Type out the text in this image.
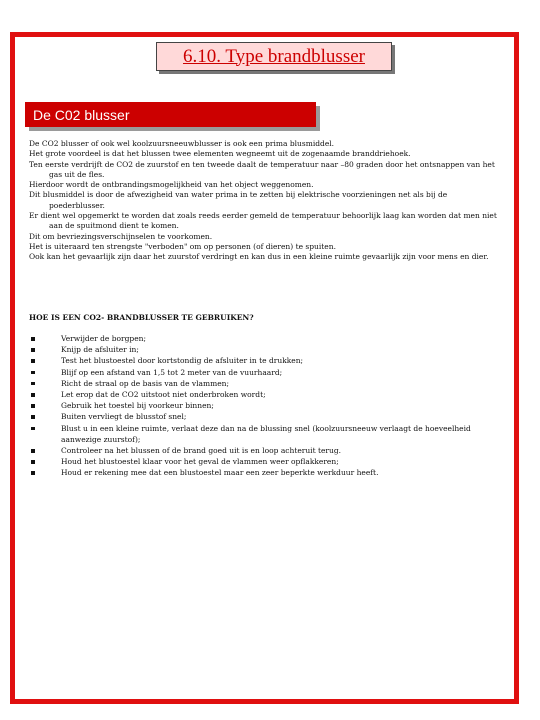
6.10. Type brandblusser
De C02 blusser

De CO2 blusser of ook wel koolzuursneeuwblusser is ook een prima blusmiddel.

Het grote voordeel is dat het blussen twee elementen wegneemt uit de zogenaamde branddriehoek.

Ten eerste verdrijft de CO2 de zuurstof en ten tweede daalt de temperatuur naar –80 graden door het ontsnappen van het gas uit de fles.

Hierdoor wordt de ontbrandingsmogelijkheid van het object weggenomen.

Dit blusmiddel is door de afwezigheid van water prima in te zetten bij elektrische voorzieningen net als bij de poederblusser.

Er dient wel opgemerkt te worden dat zoals reeds eerder gemeld de temperatuur behoorlijk laag kan worden dat men niet aan de spuitmond dient te komen.

Dit om bevriezingsverschijnselen te voorkomen.

Het is uiteraard ten strengste "verboden" om op personen (of dieren) te spuiten.

Ook kan het gevaarlijk zijn daar het zuurstof verdringt en kan dus in een kleine ruimte gevaarlijk zijn voor mens en dier.

HOE IS EEN CO2- BRANDBLUSSER TE GEBRUIKEN?
Verwijder de borgpen;
Knijp de afsluiter in;
Test het blustoestel door kortstondig de afsluiter in te drukken;
Blijf op een afstand van 1,5 tot 2 meter van de vuurhaard;
Richt de straal op de basis van de vlammen;
Let erop dat de CO2 uitstoot niet onderbroken wordt;
Gebruik het toestel bij voorkeur binnen;
Buiten vervliegt de blusstof snel;
Blust u in een kleine ruimte, verlaat deze dan na de blussing snel (koolzuursneeuw verlaagt de hoeveelheid aanwezige zuurstof);
Controleer na het blussen of de brand goed uit is en loop achteruit terug.
Houd het blustoestel klaar voor het geval de vlammen weer opflakkeren;
Houd er rekening mee dat een blustoestel maar een zeer beperkte werkduur heeft.
